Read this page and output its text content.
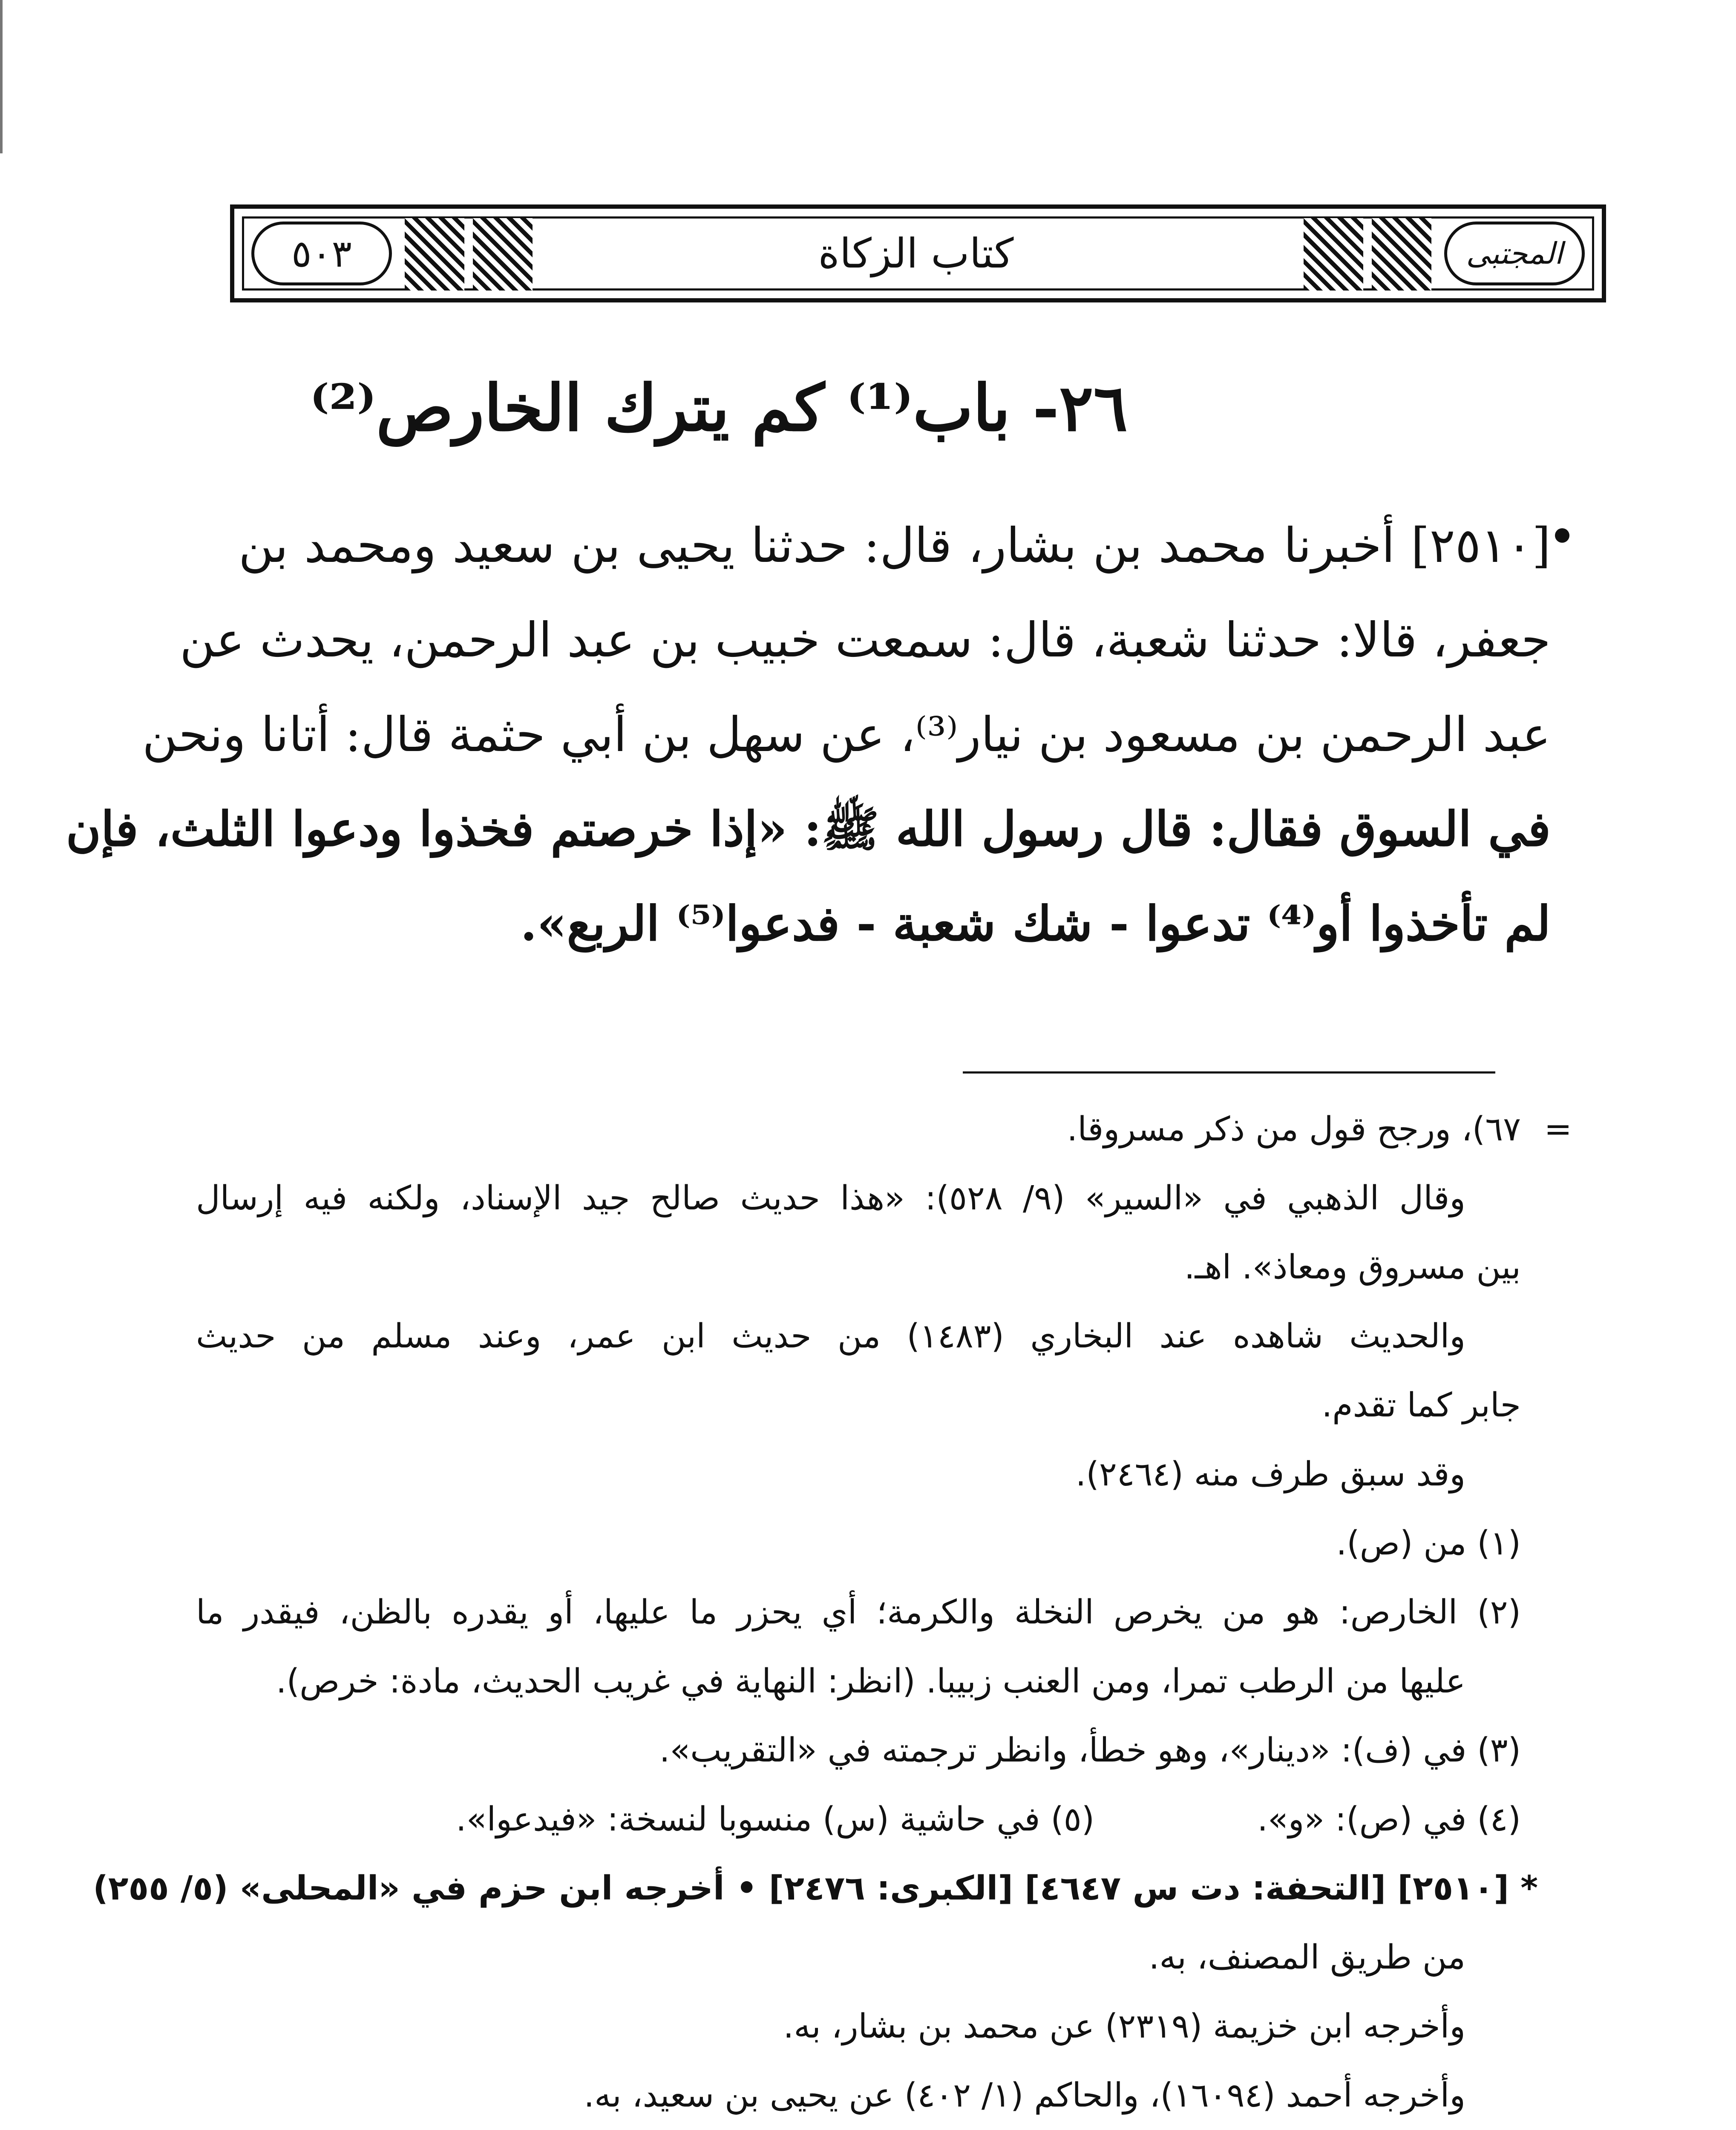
المجتبى
كتاب الزكاة
٥٠٣
٢٦- باب⁽¹⁾ كم يترك الخارص⁽²⁾
[٢٥١٠] أخبرنا محمد بن بشار، قال: حدثنا يحيى بن سعيد ومحمد بن
جعفر، قالا: حدثنا شعبة، قال: سمعت خبيب بن عبد الرحمن، يحدث عن
عبد الرحمن بن مسعود بن نيار⁽³⁾، عن سهل بن أبي حثمة قال: أتانا ونحن
في السوق فقال: قال رسول الله ﷺ: «إذا خرصتم فخذوا ودعوا الثلث، فإن
لم تأخذوا أو⁽⁴⁾ تدعوا - شك شعبة - فدعوا⁽⁵⁾ الربع».
=
٦٧)، ورجح قول من ذكر مسروقا.
وقال الذهبي في «السير» (٩/ ٥٢٨): «هذا حديث صالح جيد الإسناد، ولكنه فيه إرسال
بين مسروق ومعاذ». اهـ.
والحديث شاهده عند البخاري (١٤٨٣) من حديث ابن عمر، وعند مسلم من حديث
جابر كما تقدم.
وقد سبق طرف منه (٢٤٦٤).
(١) من (ص).
(٢) الخارص: هو من يخرص النخلة والكرمة؛ أي يحزر ما عليها، أو يقدره بالظن، فيقدر ما
عليها من الرطب تمرا، ومن العنب زبيبا. (انظر: النهاية في غريب الحديث، مادة: خرص).
(٣) في (ف): «دينار»، وهو خطأ، وانظر ترجمته في «التقريب».
(٤) في (ص): «و».
(٥) في حاشية (س) منسوبا لنسخة: «فيدعوا».
* [٢٥١٠] [التحفة: دت س ٤٦٤٧] [الكبرى: ٢٤٧٦] • أخرجه ابن حزم في «المحلى» (٥/ ٢٥٥)
من طريق المصنف، به.
وأخرجه ابن خزيمة (٢٣١٩) عن محمد بن بشار، به.
وأخرجه أحمد (١٦٠٩٤)، والحاكم (١/ ٤٠٢) عن يحيى بن سعيد، به.
